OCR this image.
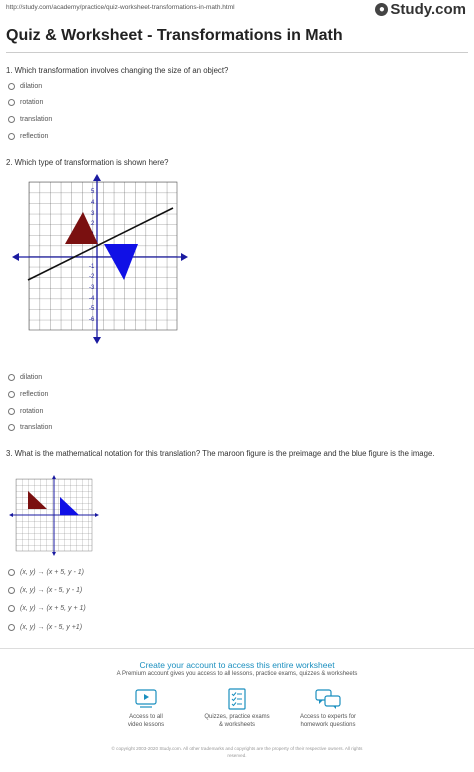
http://study.com/academy/practice/quiz-worksheet-transformations-in-math.html	● Study.com
Quiz & Worksheet - Transformations in Math
1. Which transformation involves changing the size of an object?
dilation
rotation
translation
reflection
2. Which type of transformation is shown here?
5
4
3
2
-1
-2
-3
-4
-5
-6
dilation
reflection
rotation
translation
3. What is the mathematical notation for this translation? The maroon figure is the preimage and the blue figure is the image.
(x, y) → (x + 5, y - 1)
(x, y) → (x - 5, y - 1)
(x, y) → (x + 5, y + 1)
(x, y) → (x - 5, y +1)
Create your account to access this entire worksheet
A Premium account gives you access to all lessons, practice exams, quizzes & worksheets
Access to all
video lessons
Quizzes, practice exams
& worksheets
Access to experts for
homework questions
© copyright 2003-2020 Study.com. All other trademarks and copyrights are the property of their respective owners. All rights
reserved.
